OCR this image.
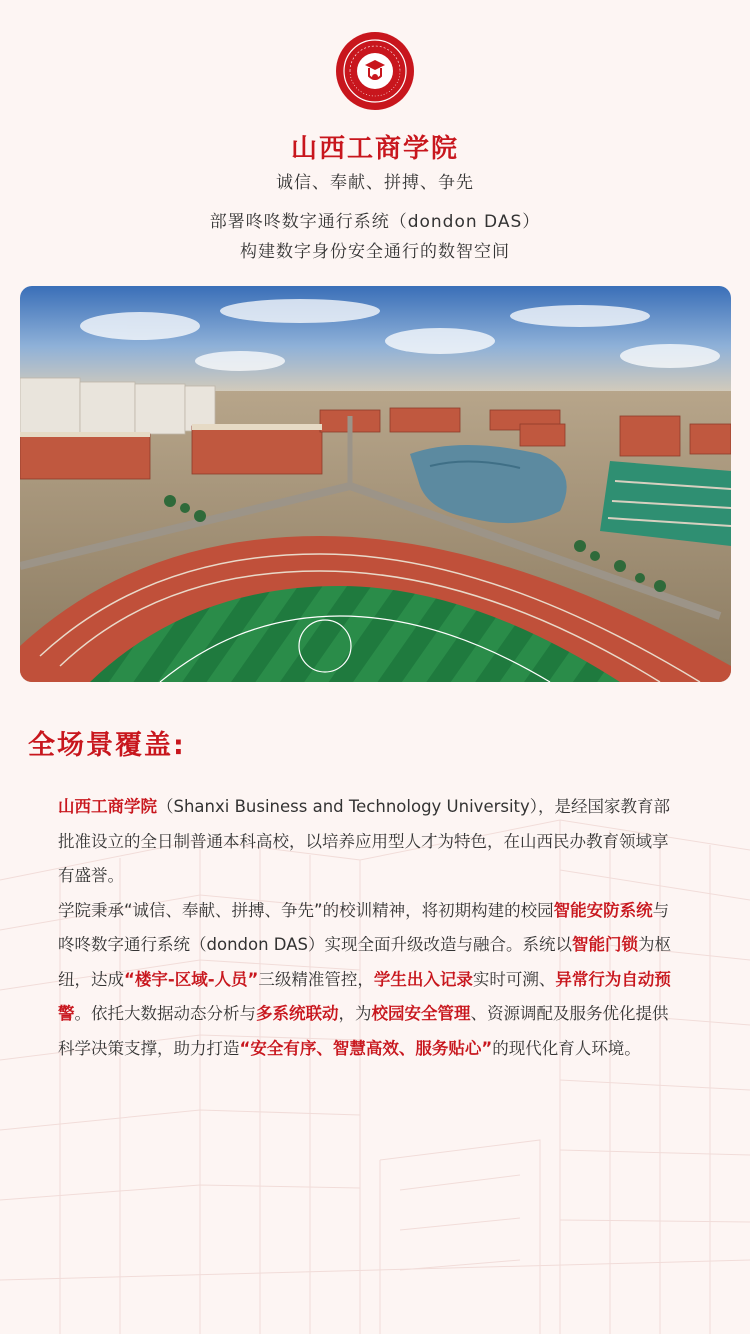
山西工商学院
诚信、奉献、拼搏、争先
部署咚咚数字通行系统（dondon DAS）
构建数字身份安全通行的数智空间
全场景覆盖:

山西工商学院（Shanxi Business and Technology University），是经国家教育部批准设立的全日制普通本科高校，以培养应用型人才为特色，在山西民办教育领域享有盛誉。

学院秉承“诚信、奉献、拼搏、争先”的校训精神，将初期构建的校园智能安防系统与咚咚数字通行系统（dondon DAS）实现全面升级改造与融合。系统以智能门锁为枢纽，达成“楼宇-区域-人员”三级精准管控，学生出入记录实时可溯、异常行为自动预警。依托大数据动态分析与多系统联动，为校园安全管理、资源调配及服务优化提供科学决策支撑，助力打造“安全有序、智慧高效、服务贴心”的现代化育人环境。
